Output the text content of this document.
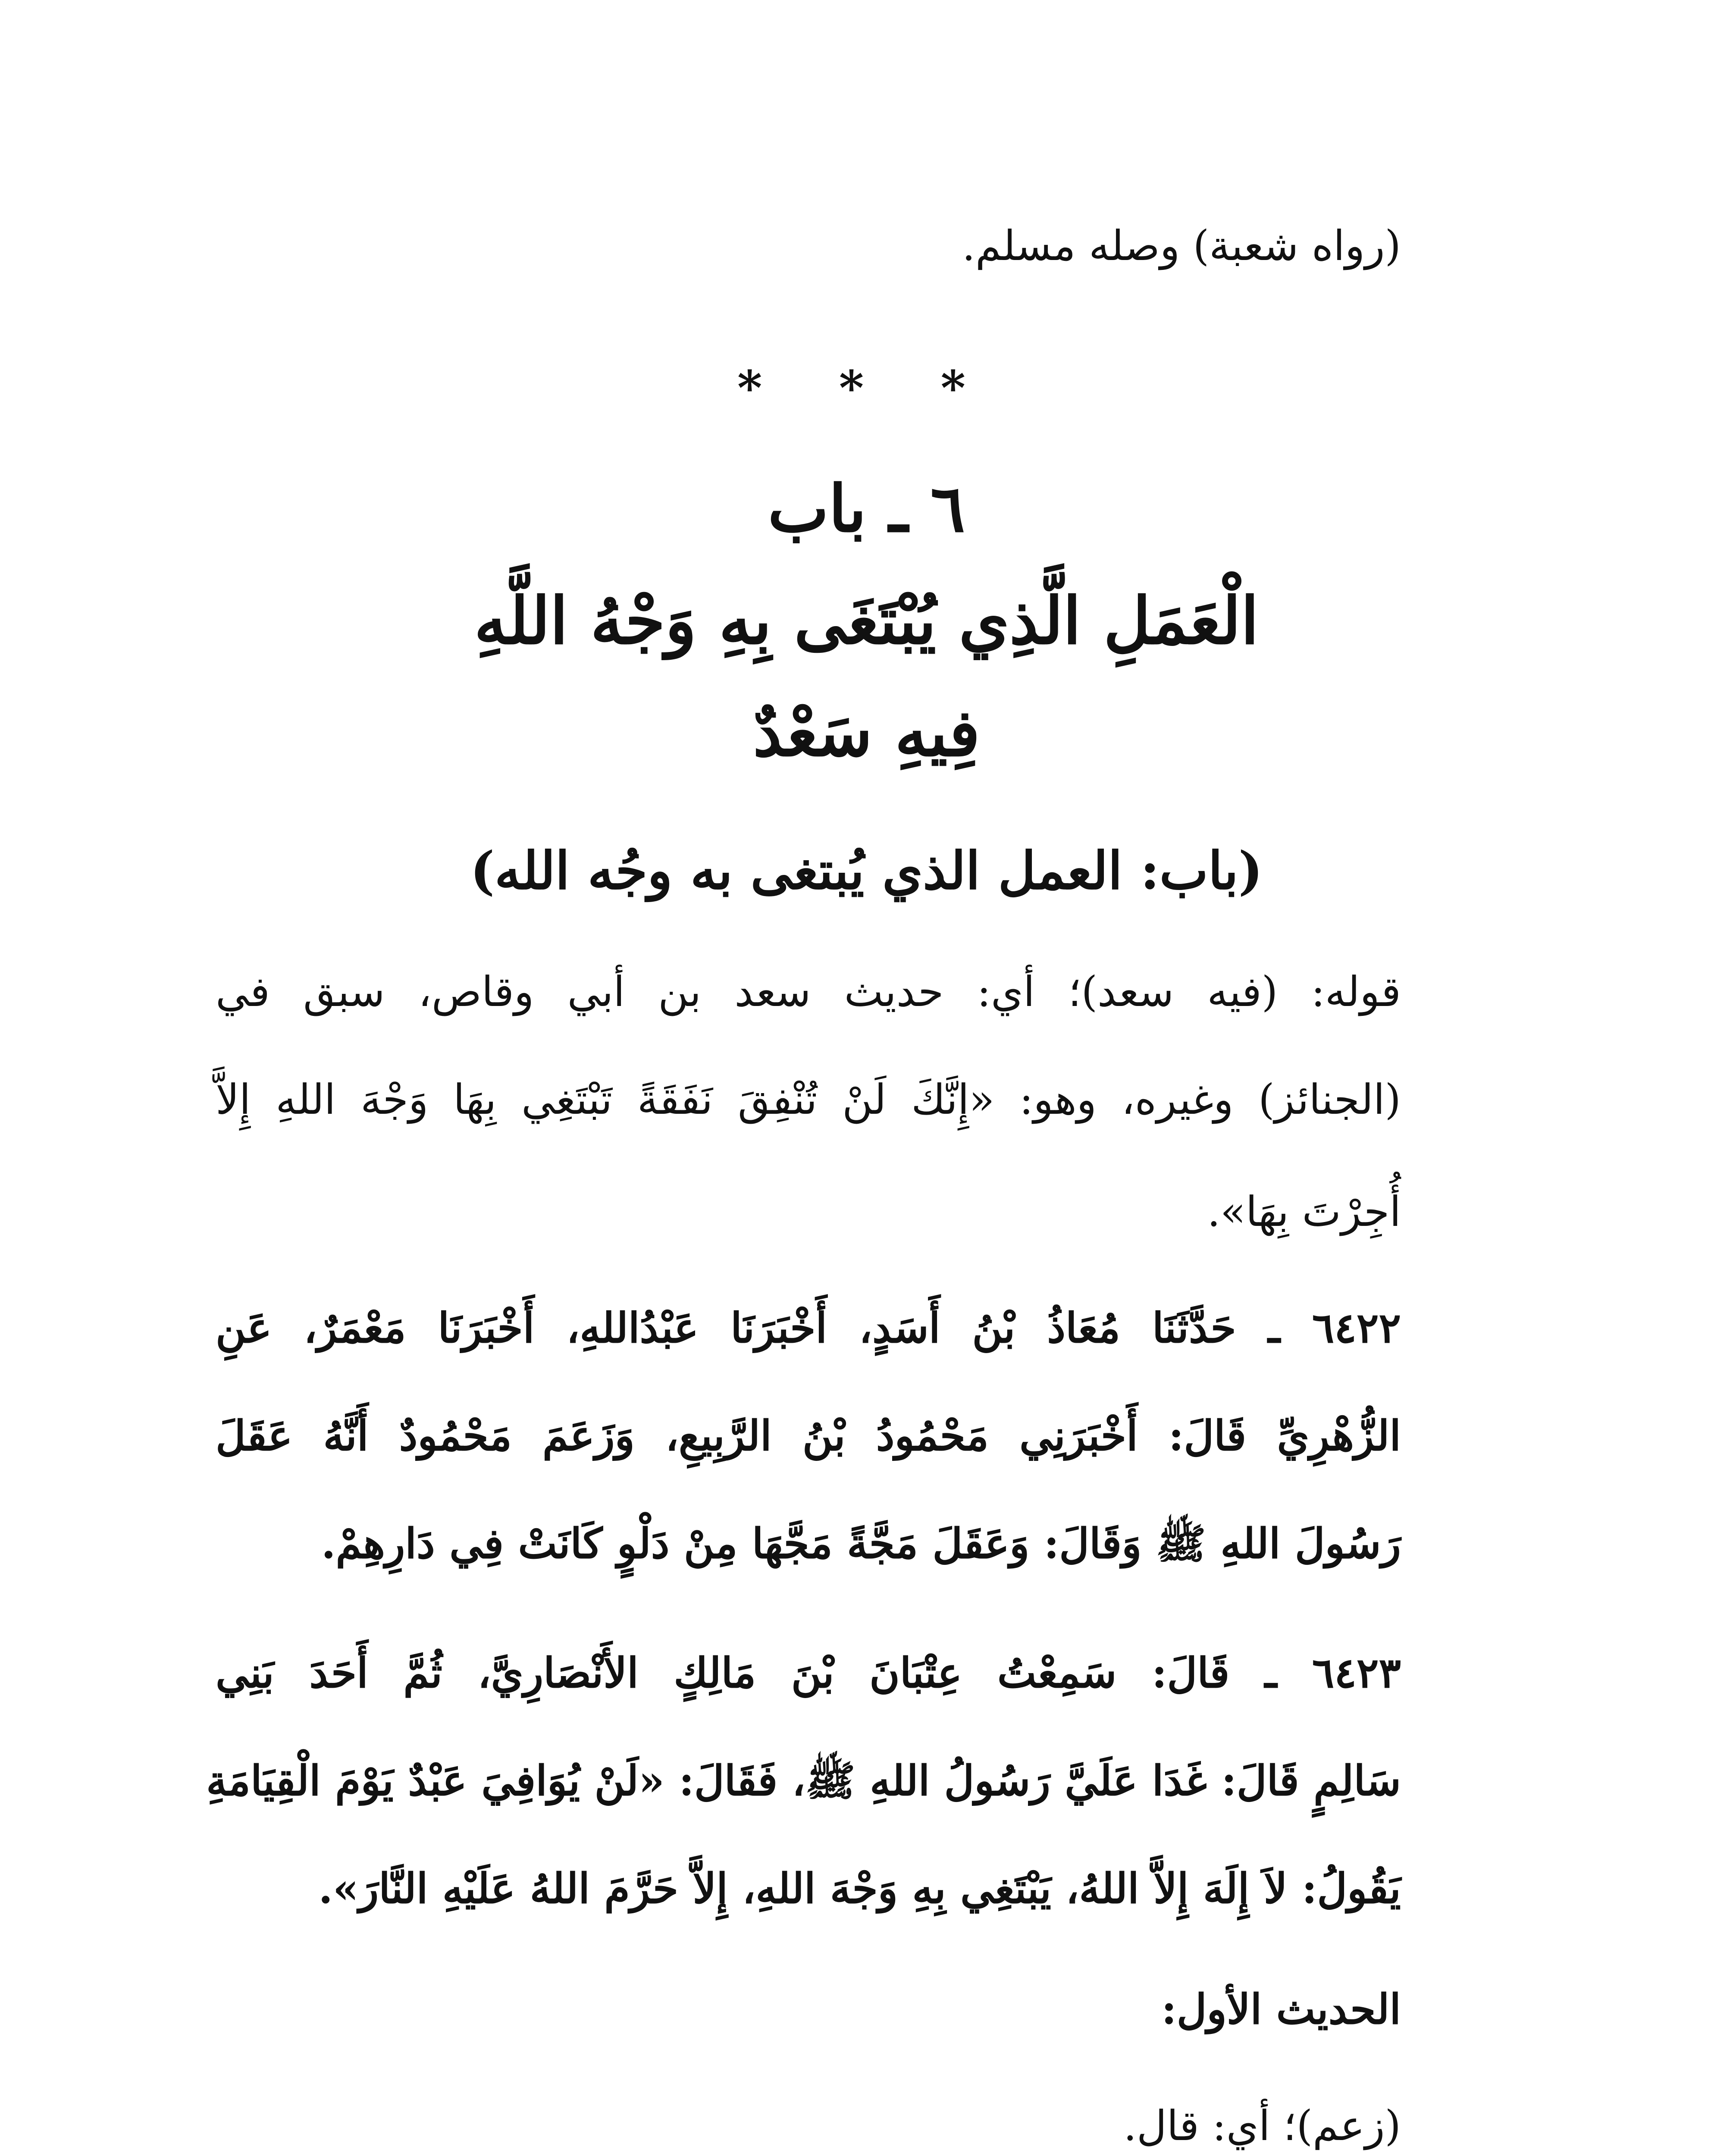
(رواه شعبة) وصله مسلم.
* * *
٦ ـ باب
الْعَمَلِ الَّذِي يُبْتَغَى بِهِ وَجْهُ اللَّهِ
فِيهِ سَعْدٌ
(باب: العمل الذي يُبتغى به وجُه الله)
قوله: (فيه سعد)؛ أي: حديث سعد بن أبي وقاص، سبق في
(الجنائز) وغيره، وهو: «إِنَّكَ لَنْ تُنْفِقَ نَفَقَةً تَبْتَغِي بِهَا وَجْهَ اللهِ إِلاَّ
أُجِرْتَ بِهَا».
٦٤٢٢ ـ حَدَّثَنَا مُعَاذُ بْنُ أَسَدٍ، أَخْبَرَنَا عَبْدُاللهِ، أَخْبَرَنَا مَعْمَرٌ، عَنِ
الزُّهْرِيِّ قَالَ: أَخْبَرَنِي مَحْمُودُ بْنُ الرَّبِيعِ، وَزَعَمَ مَحْمُودٌ أَنَّهُ عَقَلَ
رَسُولَ اللهِ ﷺ وَقَالَ: وَعَقَلَ مَجَّةً مَجَّهَا مِنْ دَلْوٍ كَانَتْ فِي دَارِهِمْ.
٦٤٢٣ ـ قَالَ: سَمِعْتُ عِتْبَانَ بْنَ مَالِكٍ الأَنْصَارِيَّ، ثُمَّ أَحَدَ بَنِي
سَالِمٍ قَالَ: غَدَا عَلَيَّ رَسُولُ اللهِ ﷺ، فَقَالَ: «لَنْ يُوَافِيَ عَبْدٌ يَوْمَ الْقِيَامَةِ
يَقُولُ: لاَ إِلَهَ إِلاَّ اللهُ، يَبْتَغِي بِهِ وَجْهَ اللهِ، إِلاَّ حَرَّمَ اللهُ عَلَيْهِ النَّارَ».
الحديث الأول:
(زعم)؛ أي: قال.
